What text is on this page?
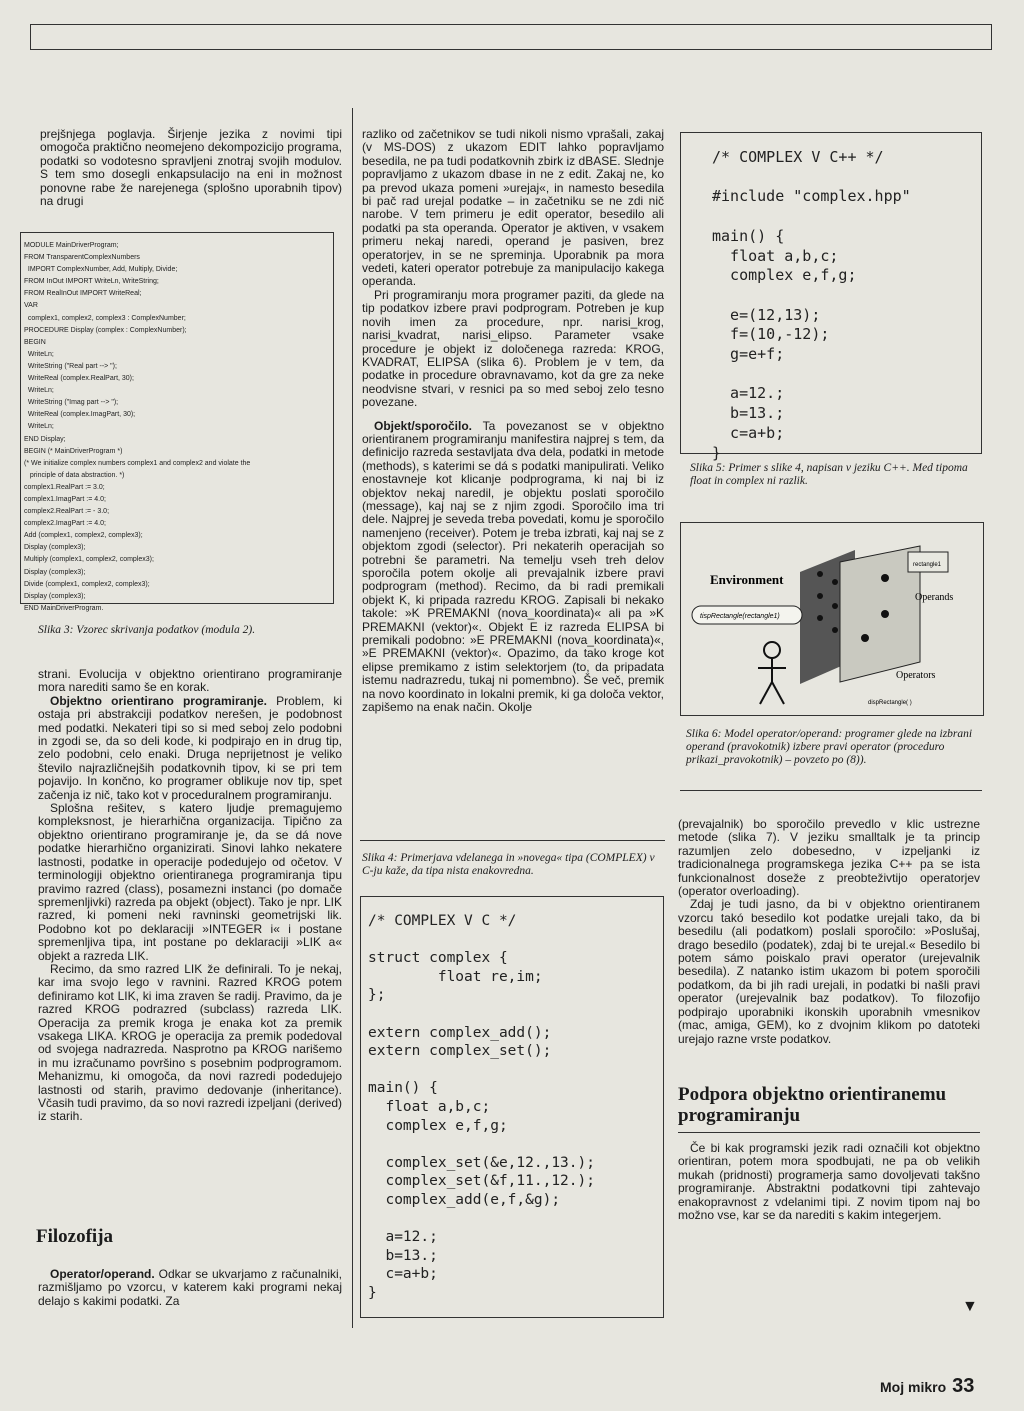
prejšnjega poglavja. Širjenje jezika z novimi tipi omogoča praktično neomejeno dekompozicijo programa, podatki so vodotesno spravljeni znotraj svojih modulov. S tem smo dosegli enkapsulacijo na eni in možnost ponovne rabe že narejenega (splošno uporabnih tipov) na drugi
MODULE MainDriverProgram;
FROM TransparentComplexNumbers
IMPORT ComplexNumber, Add, Multiply, Divide;
FROM InOut IMPORT WriteLn, WriteString;
FROM RealInOut IMPORT WriteReal;
VAR
complex1, complex2, complex3 : ComplexNumber;
PROCEDURE Display (complex : ComplexNumber);
BEGIN
WriteLn;
WriteString ("Real part --> ");
WriteReal (complex.RealPart, 30);
WriteLn;
WriteString ("Imag part --> ");
WriteReal (complex.ImagPart, 30);
WriteLn;
END Display;
BEGIN (* MainDriverProgram *)
(* We initialize complex numbers complex1 and complex2 and violate the
principle of data abstraction. *)
complex1.RealPart := 3.0;
complex1.ImagPart := 4.0;
complex2.RealPart := - 3.0;
complex2.ImagPart := 4.0;
Add (complex1, complex2, complex3);
Display (complex3);
Multiply (complex1, complex2, complex3);
Display (complex3);
Divide (complex1, complex2, complex3);
Display (complex3);
END MainDriverProgram.
Slika 3: Vzorec skrivanja podatkov (modula 2).

strani. Evolucija v objektno orientirano programiranje mora narediti samo še en korak.

Objektno orientirano programiranje. Problem, ki ostaja pri abstrakciji podatkov nerešen, je podobnost med podatki. Nekateri tipi so si med seboj zelo podobni in zgodi se, da so deli kode, ki podpirajo en in drug tip, zelo podobni, celo enaki. Druga neprijetnost je veliko število najrazličnejših podatkovnih tipov, ki se pri tem pojavijo. In končno, ko programer oblikuje nov tip, spet začenja iz nič, tako kot v proceduralnem programiranju.

Splošna rešitev, s katero ljudje premagujemo kompleksnost, je hierarhična organizacija. Tipično za objektno orientirano programiranje je, da se dá nove podatke hierarhično organizirati. Sinovi lahko nekatere lastnosti, podatke in operacije podedujejo od očetov. V terminologiji objektno orientiranega programiranja tipu pravimo razred (class), posamezni instanci (po domače spremenljivki) razreda pa objekt (object). Tako je npr. LIK razred, ki pomeni neki ravninski geometrijski lik. Podobno kot po deklaraciji »INTEGER i« i postane spremenljiva tipa, int postane po deklaraciji »LIK a« objekt a razreda LIK.

Recimo, da smo razred LIK že definirali. To je nekaj, kar ima svojo lego v ravnini. Razred KROG potem definiramo kot LIK, ki ima zraven še radij. Pravimo, da je razred KROG podrazred (subclass) razreda LIK. Operacija za premik kroga je enaka kot za premik vsakega LIKA. KROG je operacija za premik podedoval od svojega nadrazreda. Nasprotno pa KROG narišemo in mu izračunamo površino s posebnim podprogramom. Mehanizmu, ki omogoča, da novi razredi podedujejo lastnosti od starih, pravimo dedovanje (inheritance). Včasih tudi pravimo, da so novi razredi izpeljani (derived) iz starih.

Filozofija

Operator/operand. Odkar se ukvarjamo z računalniki, razmišljamo po vzorcu, v katerem kaki programi nekaj delajo s kakimi podatki. Za

razliko od začetnikov se tudi nikoli nismo vprašali, zakaj (v MS-DOS) z ukazom EDIT lahko popravljamo besedila, ne pa tudi podatkovnih zbirk iz dBASE. Slednje popravljamo z ukazom dbase in ne z edit. Zakaj ne, ko pa prevod ukaza pomeni »urejaj«, in namesto besedila bi pač rad urejal podatke – in začetniku se ne zdi nič narobe. V tem primeru je edit operator, besedilo ali podatki pa sta operanda. Operator je aktiven, v vsakem primeru nekaj naredi, operand je pasiven, brez operatorjev, in se ne spreminja. Uporabnik pa mora vedeti, kateri operator potrebuje za manipulacijo kakega operanda.

Pri programiranju mora programer paziti, da glede na tip podatkov izbere pravi podprogram. Potreben je kup novih imen za procedure, npr. narisi_krog, narisi_kvadrat, narisi_elipso. Parameter vsake procedure je objekt iz določenega razreda: KROG, KVADRAT, ELIPSA (slika 6). Problem je v tem, da podatke in procedure obravnavamo, kot da gre za neke neodvisne stvari, v resnici pa so med seboj zelo tesno povezane.

Objekt/sporočilo. Ta povezanost se v objektno orientiranem programiranju manifestira najprej s tem, da definicijo razreda sestavljata dva dela, podatki in metode (methods), s katerimi se dá s podatki manipulirati. Veliko enostavneje kot klicanje podprograma, ki naj bi iz objektov nekaj naredil, je objektu poslati sporočilo (message), kaj naj se z njim zgodi. Sporočilo ima tri dele. Najprej je seveda treba povedati, komu je sporočilo namenjeno (receiver). Potem je treba izbrati, kaj naj se z objektom zgodi (selector). Pri nekaterih operacijah so potrebni še parametri. Na temelju vseh treh delov sporočila potem okolje ali prevajalnik izbere pravi podprogram (method). Recimo, da bi radi premikali objekt K, ki pripada razredu KROG. Zapisali bi nekako takole: »K PREMAKNI (nova_koordinata)« ali pa »K PREMAKNI (vektor)«. Objekt E iz razreda ELIPSA bi premikali podobno: »E PREMAKNI (nova_koordinata)«, »E PREMAKNI (vektor)«. Opazimo, da tako kroge kot elipse premikamo z istim selektorjem (to, da pripadata istemu nadrazredu, tukaj ni pomembno). Še več, premik na novo koordinato in lokalni premik, ki ga določa vektor, zapišemo na enak način. Okolje

Slika 4: Primerjava vdelanega in »novega« tipa (COMPLEX) v C-ju kaže, da tipa nista enakovredna.
/* COMPLEX V C */

struct complex {
float re,im;
};

extern complex_add();
extern complex_set();

main() {
float a,b,c;
complex e,f,g;

complex_set(&e,12.,13.);
complex_set(&f,11.,12.);
complex_add(e,f,&g);

a=12.;
b=13.;
c=a+b;
}
/* COMPLEX V C++ */

#include "complex.hpp"

main() {
float a,b,c;
complex e,f,g;

e=(12,13);
f=(10,-12);
g=e+f;

a=12.;
b=13.;
c=a+b;
}
Slika 5: Primer s slike 4, napisan v jeziku C++. Med tipoma float in complex ni razlik.
rectangle1
Environment
tispRectangle(rectangle1)
Operands
Operators
dispRectangle( )
Slika 6: Model operator/operand: programer glede na izbrani operand (pravokotnik) izbere pravi operator (proceduro prikazi_pravokotnik) – povzeto po (8)).

(prevajalnik) bo sporočilo prevedlo v klic ustrezne metode (slika 7). V jeziku smalltalk je ta princip razumljen zelo dobesedno, v izpeljanki iz tradicionalnega programskega jezika C++ pa se ista funkcionalnost doseže z preobteživtijo operatorjev (operator overloading).

Zdaj je tudi jasno, da bi v objektno orientiranem vzorcu takó besedilo kot podatke urejali tako, da bi besedilu (ali podatkom) poslali sporočilo: »Poslušaj, drago besedilo (podatek), zdaj bi te urejal.« Besedilo bi potem sámo poiskalo pravi operator (urejevalnik besedila). Z natanko istim ukazom bi potem sporočili podatkom, da bi jih radi urejali, in podatki bi našli pravi operator (urejevalnik baz podatkov). To filozofijo podpirajo uporabniki ikonskih uporabnih vmesnikov (mac, amiga, GEM), ko z dvojnim klikom po datoteki urejajo razne vrste podatkov.

Podpora objektno orientiranemu programiranju

Če bi kak programski jezik radi označili kot objektno orientiran, potem mora spodbujati, ne pa ob velikih mukah (pridnosti) programerja samo dovoljevati takšno programiranje. Abstraktni podatkovni tipi zahtevajo enakopravnost z vdelanimi tipi. Z novim tipom naj bo možno vse, kar se da narediti s kakim integerjem.

▼
Moj mikro 33
